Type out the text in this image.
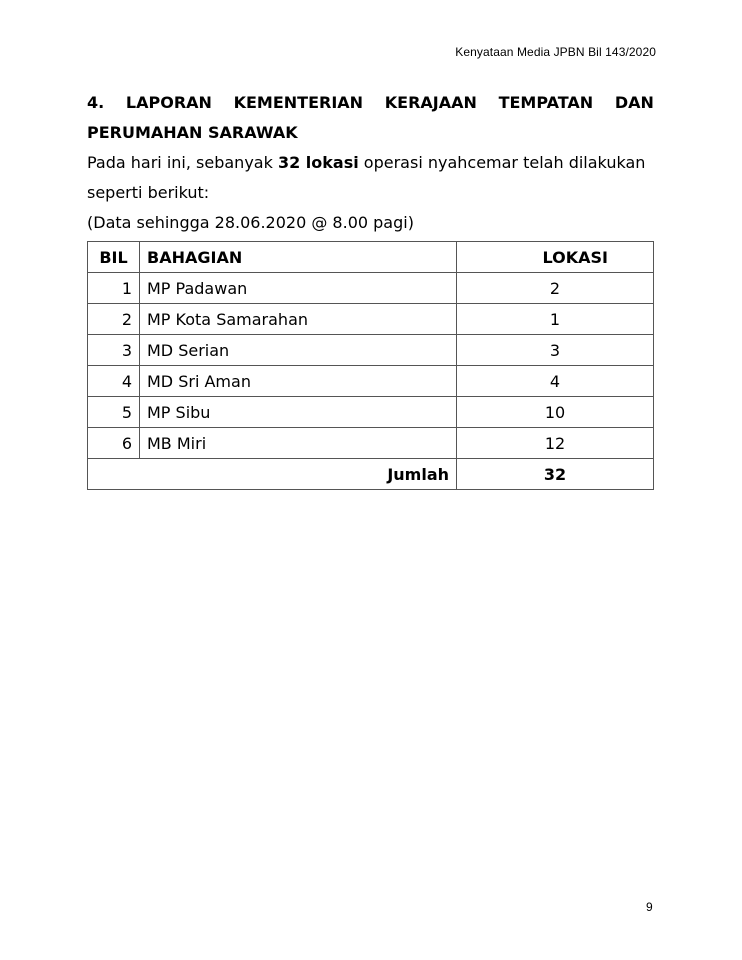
Kenyataan Media JPBN Bil 143/2020
4. LAPORAN KEMENTERIAN KERAJAAN TEMPATAN DAN
PERUMAHAN SARAWAK

Pada hari ini, sebanyak 32 lokasi operasi nyahcemar telah dilakukan seperti berikut:

(Data sehingga 28.06.2020 @ 8.00 pagi)

BIL	BAHAGIAN	LOKASI
1	MP Padawan	2
2	MP Kota Samarahan	1
3	MD Serian	3
4	MD Sri Aman	4
5	MP Sibu	10
6	MB Miri	12
Jumlah		32
9
